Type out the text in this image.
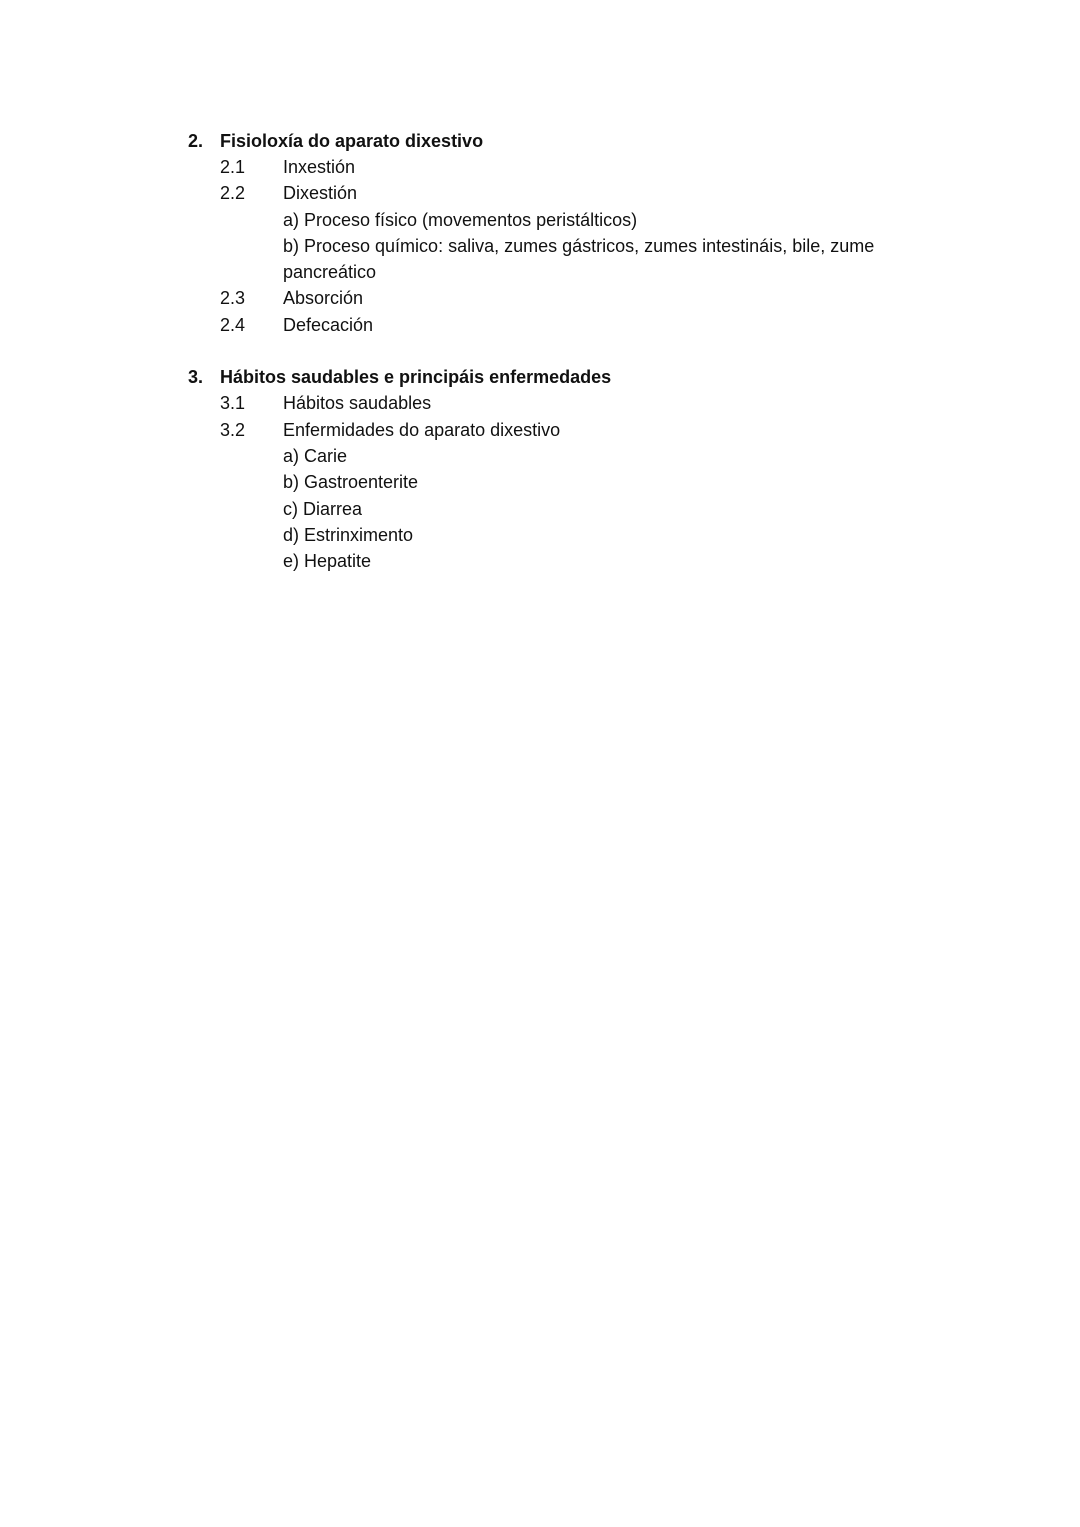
2. Fisioloxía do aparato dixestivo
2.1 Inxestión
2.2 Dixestión
a) Proceso físico (movementos peristálticos)
b) Proceso químico: saliva, zumes gástricos, zumes intestináis, bile, zume
pancreático
2.3 Absorción
2.4 Defecación
3. Hábitos saudables e principáis enfermedades
3.1 Hábitos saudables
3.2 Enfermidades do aparato dixestivo
a) Carie
b) Gastroenterite
c) Diarrea
d) Estrinximento
e) Hepatite
